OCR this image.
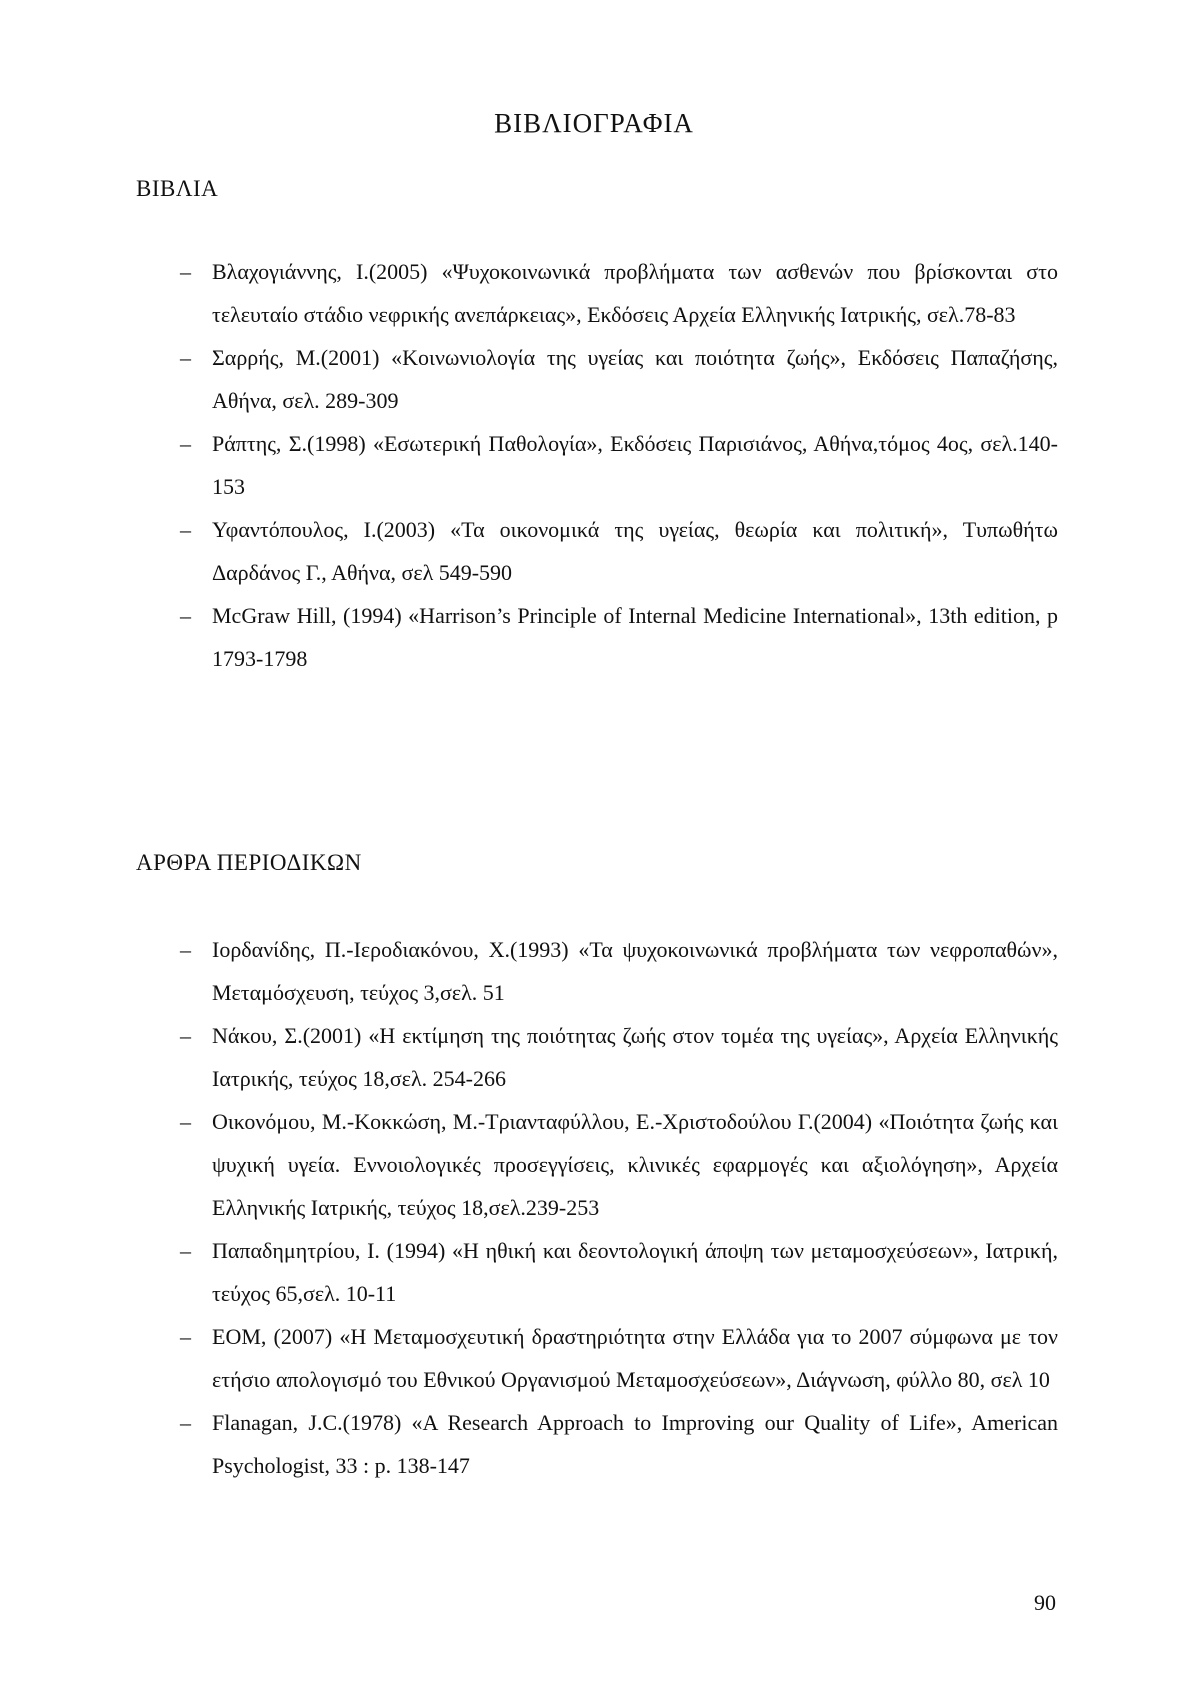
ΒΙΒΛΙΟΓΡΑΦΙΑ
ΒΙΒΛΙΑ
– Βλαχογιάννης, Ι.(2005) «Ψυχοκοινωνικά προβλήματα των ασθενών που βρίσκονται στο τελευταίο στάδιο νεφρικής ανεπάρκειας», Εκδόσεις Αρχεία Ελληνικής Ιατρικής, σελ.78-83
– Σαρρής, Μ.(2001) «Κοινωνιολογία της υγείας και ποιότητα ζωής», Εκδόσεις Παπαζήσης, Αθήνα, σελ. 289-309
– Ράπτης, Σ.(1998) «Εσωτερική Παθολογία», Εκδόσεις Παρισιάνος, Αθήνα,τόμος 4ος, σελ.140-153
– Υφαντόπουλος, Ι.(2003) «Τα οικονομικά της υγείας, θεωρία και πολιτική», Τυπωθήτω Δαρδάνος Γ., Αθήνα, σελ 549-590
– McGraw Hill, (1994) «Harrison’s Principle of Internal Medicine International», 13th edition, p 1793-1798
ΑΡΘΡΑ ΠΕΡΙΟΔΙΚΩΝ
– Ιορδανίδης, Π.-Ιεροδιακόνου, Χ.(1993) «Τα ψυχοκοινωνικά προβλήματα των νεφροπαθών», Μεταμόσχευση, τεύχος 3,σελ. 51
– Νάκου, Σ.(2001) «Η εκτίμηση της ποιότητας ζωής στον τομέα της υγείας», Αρχεία Ελληνικής Ιατρικής, τεύχος 18,σελ. 254-266
– Οικονόμου, Μ.-Κοκκώση, Μ.-Τριανταφύλλου, Ε.-Χριστοδούλου Γ.(2004) «Ποιότητα ζωής και ψυχική υγεία. Εννοιολογικές προσεγγίσεις, κλινικές εφαρμογές και αξιολόγηση», Αρχεία Ελληνικής Ιατρικής, τεύχος 18,σελ.239-253
– Παπαδημητρίου, Ι. (1994) «Η ηθική και δεοντολογική άποψη των μεταμοσχεύσεων», Ιατρική, τεύχος 65,σελ. 10-11
– ΕΟΜ, (2007) «Η Μεταμοσχευτική δραστηριότητα στην Ελλάδα για το 2007 σύμφωνα με τον ετήσιο απολογισμό του Εθνικού Οργανισμού Μεταμοσχεύσεων», Διάγνωση, φύλλο 80, σελ 10
– Flanagan, J.C.(1978) «A Research Approach to Improving our Quality of Life», American Psychologist, 33 : p. 138-147
90
